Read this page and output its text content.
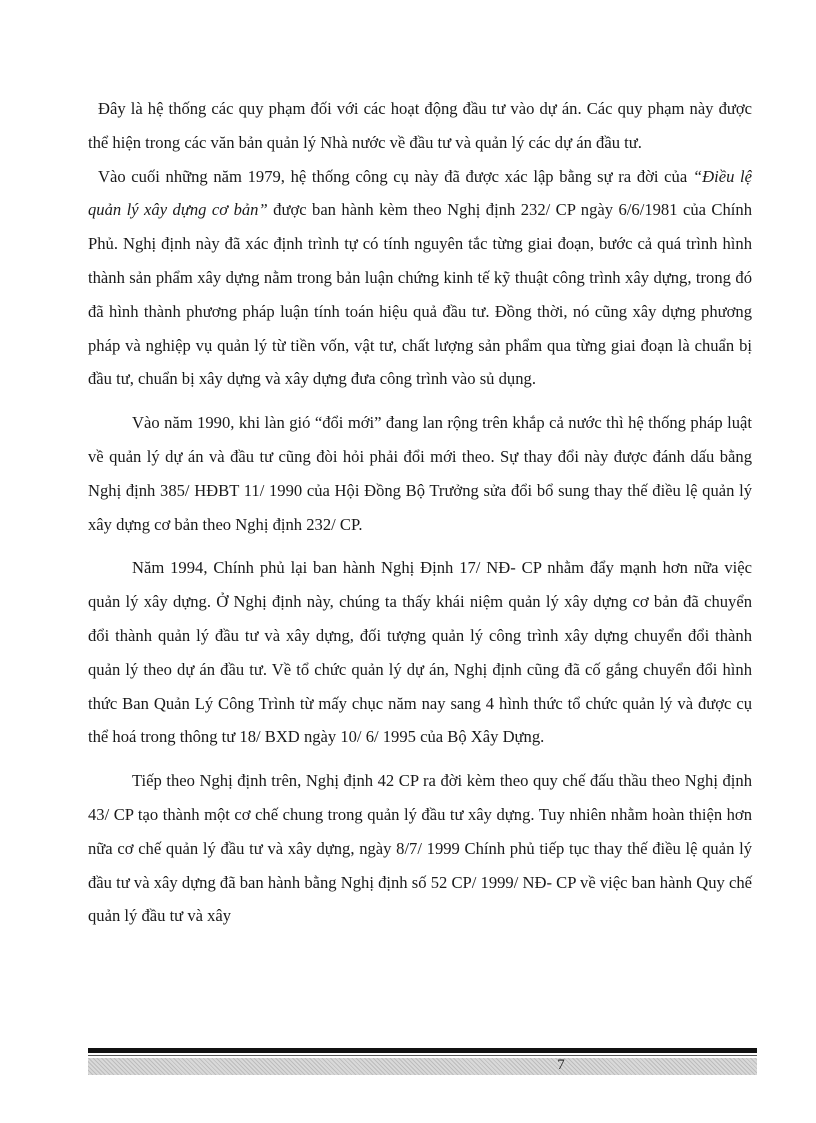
Đây là hệ thống các quy phạm đối với các hoạt động đầu tư vào dự án. Các quy phạm này được thể hiện trong các văn bản quản lý Nhà nước về đầu tư và quản lý các dự án đầu tư.

Vào cuối những năm 1979, hệ thống công cụ này đã được xác lập bằng sự ra đời của “Điều lệ quản lý xây dựng cơ bản” được ban hành kèm theo Nghị định 232/ CP ngày 6/6/1981 của Chính Phủ. Nghị định này đã xác định trình tự có tính nguyên tắc từng giai đoạn, bước cả quá trình hình thành sản phẩm xây dựng nằm trong bản luận chứng kinh tế kỹ thuật công trình xây dựng, trong đó đã hình thành phương pháp luận tính toán hiệu quả đầu tư. Đồng thời, nó cũng xây dựng phương pháp và nghiệp vụ quản lý từ tiền vốn, vật tư, chất lượng sản phẩm qua từng giai đoạn là chuẩn bị đầu tư, chuẩn bị xây dựng và xây dựng đưa công trình vào sủ dụng.

Vào năm 1990, khi làn gió “đổi mới” đang lan rộng trên khắp cả nước thì hệ thống pháp luật về quản lý dự án và đầu tư cũng đòi hỏi phải đổi mới theo. Sự thay đổi này được đánh dấu bằng Nghị định 385/ HĐBT 11/ 1990 của Hội Đồng Bộ Trưởng sửa đổi bổ sung thay thế điều lệ quản lý xây dựng cơ bản theo Nghị định 232/ CP.

Năm 1994, Chính phủ lại ban hành Nghị Định 17/ NĐ- CP nhằm đẩy mạnh hơn nữa việc quản lý xây dựng. Ở Nghị định này, chúng ta thấy khái niệm quản lý xây dựng cơ bản đã chuyển đổi thành quản lý đầu tư và xây dựng, đối tượng quản lý công trình xây dựng chuyển đổi thành quản lý theo dự án đầu tư. Về tổ chức quản lý dự án, Nghị định cũng đã cố gắng chuyển đổi hình thức Ban Quản Lý Công Trình từ mấy chục năm nay sang 4 hình thức tổ chức quản lý và được cụ thể hoá trong thông tư 18/ BXD ngày 10/ 6/ 1995 của Bộ Xây Dựng.

Tiếp theo Nghị định trên, Nghị định 42 CP ra đời kèm theo quy chế đấu thầu theo Nghị định 43/ CP tạo thành một cơ chế chung trong quản lý đầu tư xây dựng. Tuy nhiên nhằm hoàn thiện hơn nữa cơ chế quản lý đầu tư và xây dựng, ngày 8/7/ 1999 Chính phủ tiếp tục thay thế điều lệ quản lý đầu tư và xây dựng đã ban hành bằng Nghị định số 52 CP/ 1999/ NĐ- CP về việc ban hành Quy chế quản lý đầu tư và xây

7
